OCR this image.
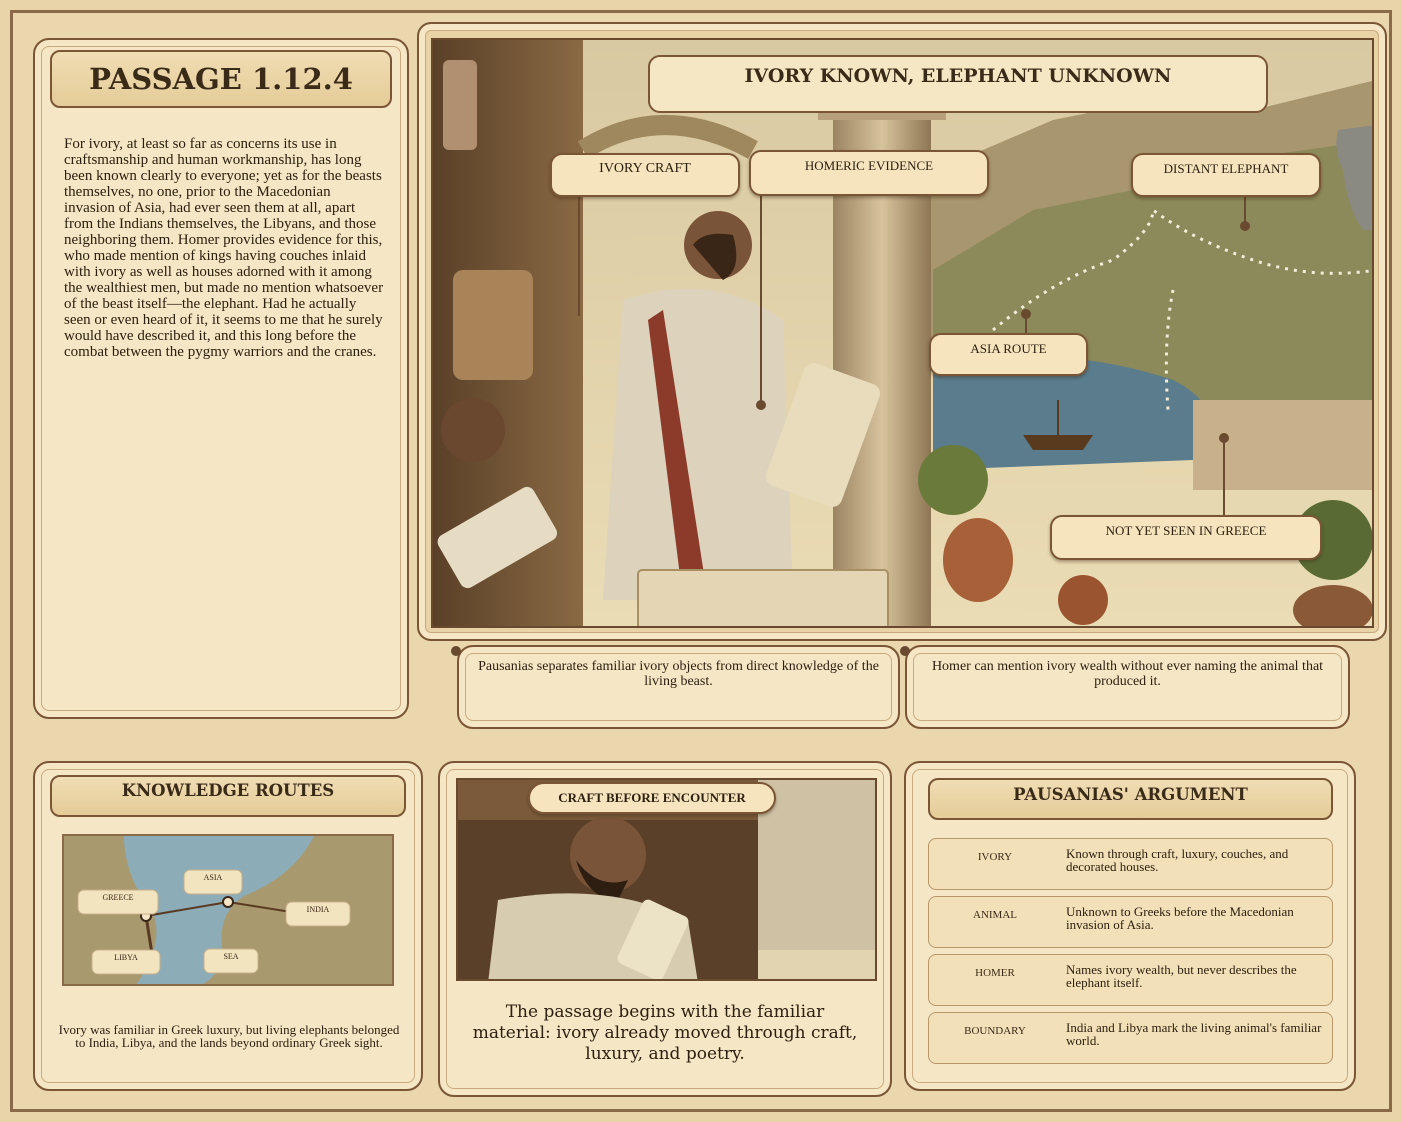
PASSAGE 1.12.4
For ivory, at least so far as concerns its use in craftsmanship and human workmanship, has long been known clearly to everyone; yet as for the beasts themselves, no one, prior to the Macedonian invasion of Asia, had ever seen them at all, apart from the Indians themselves, the Libyans, and those neighboring them. Homer provides evidence for this, who made mention of kings having couches inlaid with ivory as well as houses adorned with it among the wealthiest men, but made no mention whatsoever of the beast itself—the elephant. Had he actually seen or even heard of it, it seems to me that he surely would have described it, and this long before the combat between the pygmy warriors and the cranes.
IVORY KNOWN, ELEPHANT UNKNOWN
IVORY CRAFT	HOMERIC EVIDENCE	DISTANT ELEPHANT
ASIA ROUTE
NOT YET SEEN IN GREECE
Pausanias separates familiar ivory objects from direct knowledge of the living beast.
Homer can mention ivory wealth without ever naming the animal that produced it.
KNOWLEDGE ROUTES
GREECE
ASIA
INDIA
LIBYA	SEA
Ivory was familiar in Greek luxury, but living elephants belonged to India, Libya, and the lands beyond ordinary Greek sight.
CRAFT BEFORE ENCOUNTER
The passage begins with the familiar material: ivory already moved through craft, luxury, and poetry.
PAUSANIAS' ARGUMENT
IVORY	Known through craft, luxury, couches, and decorated houses.
ANIMAL	Unknown to Greeks before the Macedonian invasion of Asia.
HOMER	Names ivory wealth, but never describes the elephant itself.
BOUNDARY	India and Libya mark the living animal's familiar world.
